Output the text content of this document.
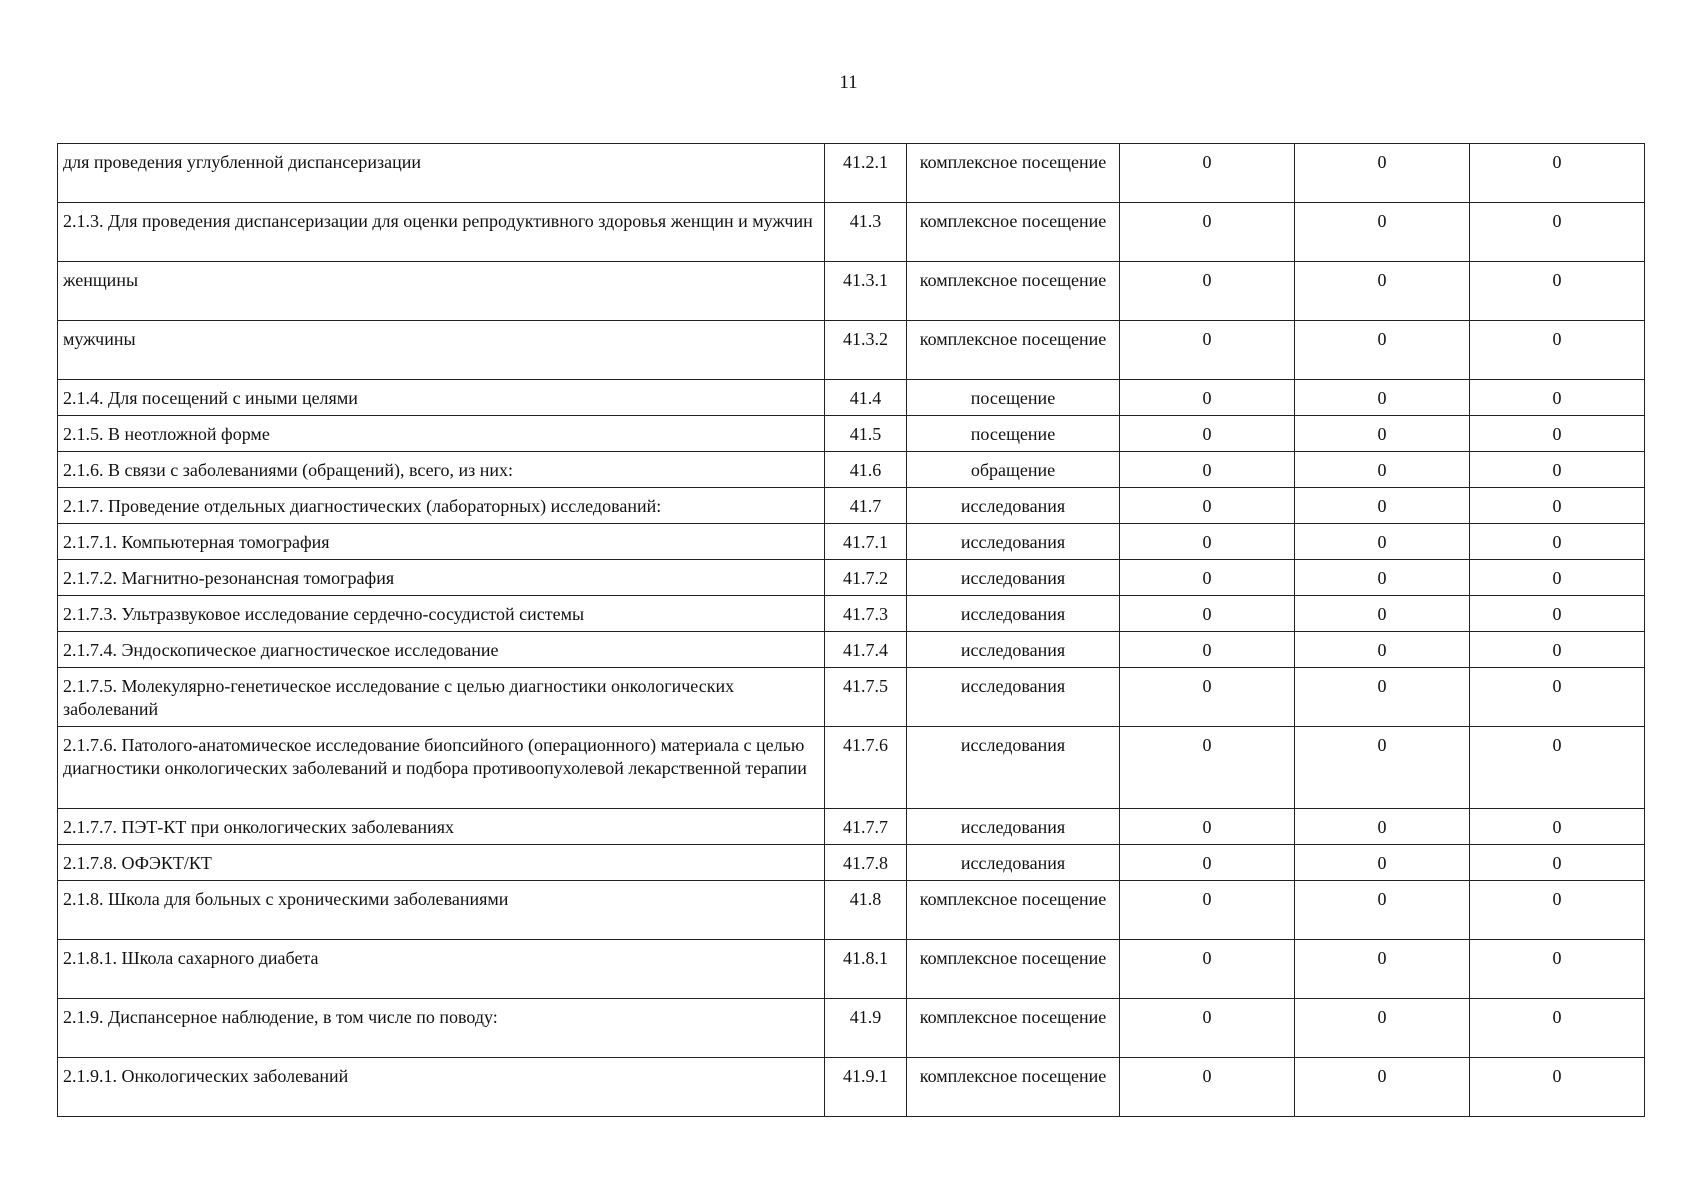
11
для проведения углубленной диспансеризации	41.2.1	комплексное посещение	0	0	0
2.1.3. Для проведения диспансеризации для оценки репродуктивного здоровья женщин и мужчин	41.3	комплексное посещение	0	0	0
женщины	41.3.1	комплексное посещение	0	0	0
мужчины	41.3.2	комплексное посещение	0	0	0
2.1.4. Для посещений с иными целями	41.4	посещение	0	0	0
2.1.5. В неотложной форме	41.5	посещение	0	0	0
2.1.6. В связи с заболеваниями (обращений), всего, из них:	41.6	обращение	0	0	0
2.1.7. Проведение отдельных диагностических (лабораторных) исследований:	41.7	исследования	0	0	0
2.1.7.1. Компьютерная томография	41.7.1	исследования	0	0	0
2.1.7.2. Магнитно-резонансная томография	41.7.2	исследования	0	0	0
2.1.7.3. Ультразвуковое исследование сердечно-сосудистой системы	41.7.3	исследования	0	0	0
2.1.7.4. Эндоскопическое диагностическое исследование	41.7.4	исследования	0	0	0
2.1.7.5. Молекулярно-генетическое исследование с целью диагностики онкологических заболеваний	41.7.5	исследования	0	0	0
2.1.7.6. Патолого-анатомическое исследование биопсийного (операционного) материала с целью диагностики онкологических заболеваний и подбора противоопухолевой лекарственной терапии	41.7.6	исследования	0	0	0
2.1.7.7. ПЭТ-КТ при онкологических заболеваниях	41.7.7	исследования	0	0	0
2.1.7.8. ОФЭКТ/КТ	41.7.8	исследования	0	0	0
2.1.8. Школа для больных с хроническими заболеваниями	41.8	комплексное посещение	0	0	0
2.1.8.1. Школа сахарного диабета	41.8.1	комплексное посещение	0	0	0
2.1.9. Диспансерное наблюдение, в том числе по поводу:	41.9	комплексное посещение	0	0	0
2.1.9.1. Онкологических заболеваний	41.9.1	комплексное посещение	0	0	0
